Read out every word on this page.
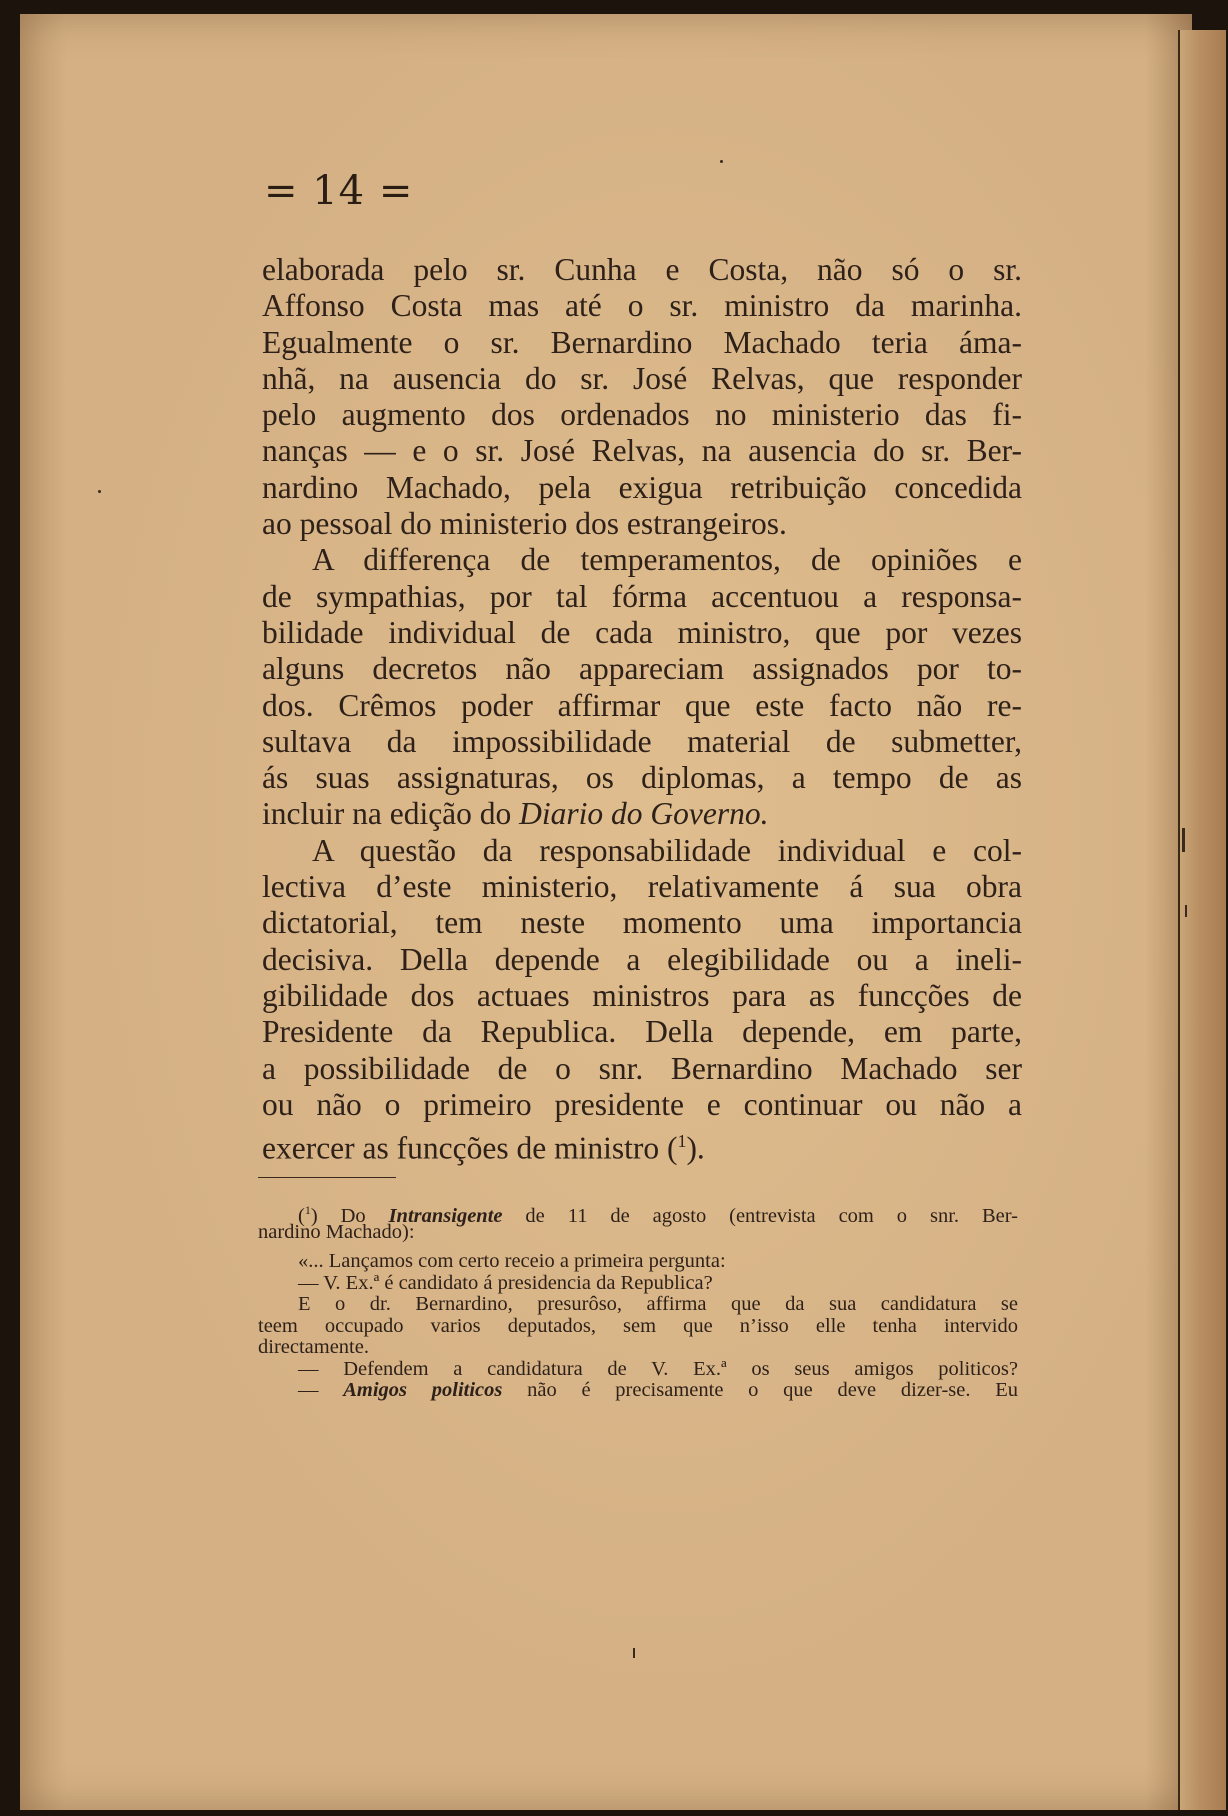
= 14 =
elaborada pelo sr. Cunha e Costa, não só o sr.
Affonso Costa mas até o sr. ministro da marinha.
Egualmente o sr. Bernardino Machado teria áma-
nhã, na ausencia do sr. José Relvas, que responder
pelo augmento dos ordenados no ministerio das fi-
nanças — e o sr. José Relvas, na ausencia do sr. Ber-
nardino Machado, pela exigua retribuição concedida
ao pessoal do ministerio dos estrangeiros.
A differença de temperamentos, de opiniões e
de sympathias, por tal fórma accentuou a responsa-
bilidade individual de cada ministro, que por vezes
alguns decretos não appareciam assignados por to-
dos. Crêmos poder affirmar que este facto não re-
sultava da impossibilidade material de submetter,
ás suas assignaturas, os diplomas, a tempo de as
incluir na edição do Diario do Governo.
A questão da responsabilidade individual e col-
lectiva d’este ministerio, relativamente á sua obra
dictatorial, tem neste momento uma importancia
decisiva. Della depende a elegibilidade ou a ineli-
gibilidade dos actuaes ministros para as funcções de
Presidente da Republica. Della depende, em parte,
a possibilidade de o snr. Bernardino Machado ser
ou não o primeiro presidente e continuar ou não a
exercer as funcções de ministro ($^1$).
($^1$) Do Intransigente de 11 de agosto (entrevista com o snr. Ber-
nardino Machado):
«... Lançamos com certo receio a primeira pergunta:
— V. Ex.ª é candidato á presidencia da Republica?
E o dr. Bernardino, presurôso, affirma que da sua candidatura se
teem occupado varios deputados, sem que n’isso elle tenha intervido
directamente.
— Defendem a candidatura de V. Ex.ª os seus amigos politicos?
— Amigos politicos não é precisamente o que deve dizer-se. Eu
